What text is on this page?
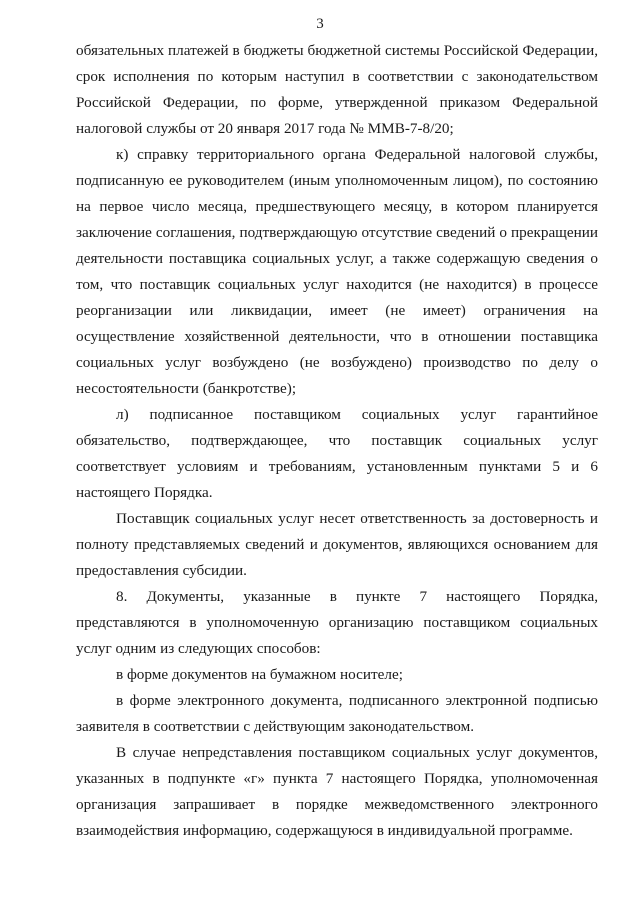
3

обязательных платежей в бюджеты бюджетной системы Российской Федерации, срок исполнения по которым наступил в соответствии с законодательством Российской Федерации, по форме, утвержденной приказом Федеральной налоговой службы от 20 января 2017 года № ММВ-7-8/20;

к) справку территориального органа Федеральной налоговой службы, подписанную ее руководителем (иным уполномоченным лицом), по состоянию на первое число месяца, предшествующего месяцу, в котором планируется заключение соглашения, подтверждающую отсутствие сведений о прекращении деятельности поставщика социальных услуг, а также содержащую сведения о том, что поставщик социальных услуг находится (не находится) в процессе реорганизации или ликвидации, имеет (не имеет) ограничения на осуществление хозяйственной деятельности, что в отношении поставщика социальных услуг возбуждено (не возбуждено) производство по делу о несостоятельности (банкротстве);

л) подписанное поставщиком социальных услуг гарантийное обязательство, подтверждающее, что поставщик социальных услуг соответствует условиям и требованиям, установленным пунктами 5 и 6 настоящего Порядка.

Поставщик социальных услуг несет ответственность за достоверность и полноту представляемых сведений и документов, являющихся основанием для предоставления субсидии.

8. Документы, указанные в пункте 7 настоящего Порядка, представляются в уполномоченную организацию поставщиком социальных услуг одним из следующих способов:

в форме документов на бумажном носителе;

в форме электронного документа, подписанного электронной подписью заявителя в соответствии с действующим законодательством.

В случае непредставления поставщиком социальных услуг документов, указанных в подпункте «г» пункта 7 настоящего Порядка, уполномоченная организация запрашивает в порядке межведомственного электронного взаимодействия информацию, содержащуюся в индивидуальной программе.
